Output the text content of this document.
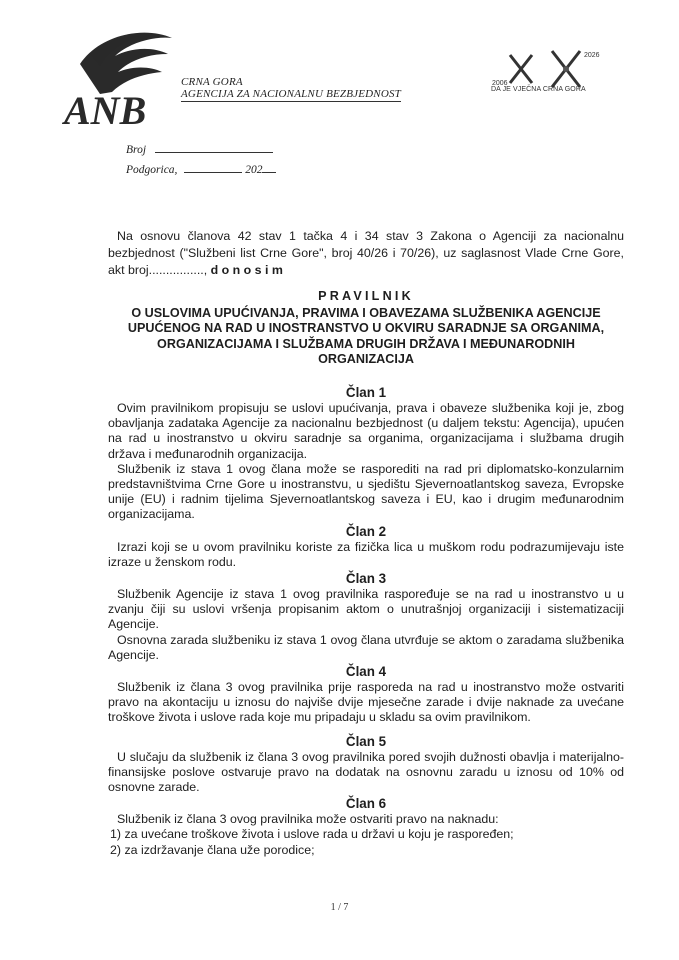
ANB
CRNA GORA
AGENCIJA ZA NACIONALNU BEZBJEDNOST
2006
2026
DA JE VJEČNA CRNA GORA
Broj
Podgorica,	202

Na osnovu članova 42 stav 1 tačka 4 i 34 stav 3 Zakona o Agenciji za nacionalnu bezbjednost ("Službeni list Crne Gore", broj 40/26 i 70/26), uz saglasnost Vlade Crne Gore, akt broj................, d o n o s i m

PRAVILNIK
O USLOVIMA UPUĆIVANJA, PRAVIMA I OBAVEZAMA SLUŽBENIKA AGENCIJE UPUĆENOG NA RAD U INOSTRANSTVO U OKVIRU SARADNJE SA ORGANIMA, ORGANIZACIJAMA I SLUŽBAMA DRUGIH DRŽAVA I MEĐUNARODNIH ORGANIZACIJA
Član 1

Ovim pravilnikom propisuju se uslovi upućivanja, prava i obaveze službenika koji je, zbog obavljanja zadataka Agencije za nacionalnu bezbjednost (u daljem tekstu: Agencija), upućen na rad u inostranstvo u okviru saradnje sa organima, organizacijama i službama drugih država i međunarodnih organizacija.

Službenik iz stava 1 ovog člana može se rasporediti na rad pri diplomatsko-konzularnim predstavništvima Crne Gore u inostranstvu, u sjedištu Sjevernoatlantskog saveza, Evropske unije (EU) i radnim tijelima Sjevernoatlantskog saveza i EU, kao i drugim međunarodnim organizacijama.

Član 2

Izrazi koji se u ovom pravilniku koriste za fizička lica u muškom rodu podrazumijevaju iste izraze u ženskom rodu.

Član 3

Službenik Agencije iz stava 1 ovog pravilnika raspoređuje se na rad u inostranstvo u u zvanju čiji su uslovi vršenja propisanim aktom o unutrašnjoj organizaciji i sistematizaciji Agencije.

Osnovna zarada službeniku iz stava 1 ovog člana utvrđuje se aktom o zaradama službenika Agencije.

Član 4

Službenik iz člana 3 ovog pravilnika prije rasporeda na rad u inostranstvo može ostvariti pravo na akontaciju u iznosu do najviše dvije mjesečne zarade i dvije naknade za uvećane troškove života i uslove rada koje mu pripadaju u skladu sa ovim pravilnikom.

Član 5

U slučaju da službenik iz člana 3 ovog pravilnika pored svojih dužnosti obavlja i materijalno-finansijske poslove ostvaruje pravo na dodatak na osnovnu zaradu u iznosu od 10% od osnovne zarade.

Član 6

Službenik iz člana 3 ovog pravilnika može ostvariti pravo na naknadu:

1) za uvećane troškove života i uslove rada u državi u koju je raspoređen;

2) za izdržavanje člana uže porodice;

1 / 7
